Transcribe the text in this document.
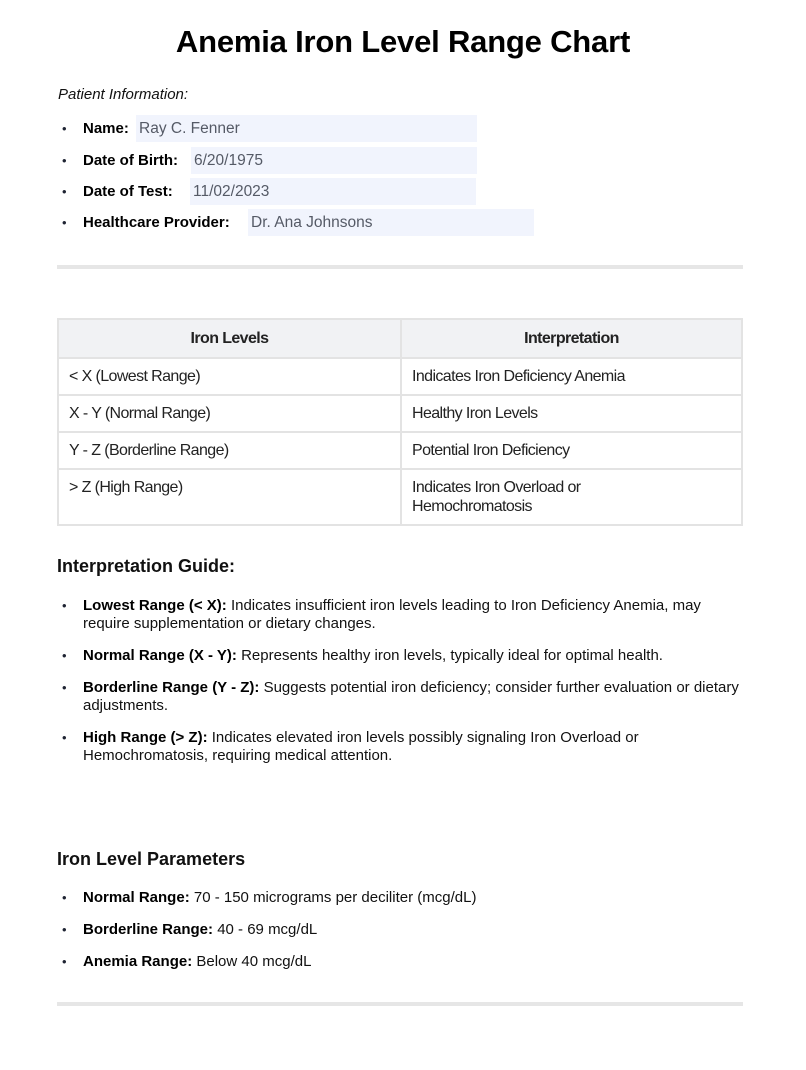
Anemia Iron Level Range Chart
Patient Information:
•	Name: Ray C. Fenner
•	Date of Birth: 6/20/1975
•	Date of Test: 11/02/2023
•	Healthcare Provider: Dr. Ana Johnsons
Iron Levels	Interpretation
< X (Lowest Range)	Indicates Iron Deficiency Anemia
X - Y (Normal Range)	Healthy Iron Levels
Y - Z (Borderline Range)	Potential Iron Deficiency
> Z (High Range)	Indicates Iron Overload or Hemochromatosis
Interpretation Guide:
• Lowest Range (< X): Indicates insufficient iron levels leading to Iron Deficiency Anemia, may require supplementation or dietary changes.
• Normal Range (X - Y): Represents healthy iron levels, typically ideal for optimal health.
• Borderline Range (Y - Z): Suggests potential iron deficiency; consider further evaluation or dietary adjustments.
• High Range (> Z): Indicates elevated iron levels possibly signaling Iron Overload or Hemochromatosis, requiring medical attention.
Iron Level Parameters
• Normal Range: 70 - 150 micrograms per deciliter (mcg/dL)
• Borderline Range: 40 - 69 mcg/dL
• Anemia Range: Below 40 mcg/dL
